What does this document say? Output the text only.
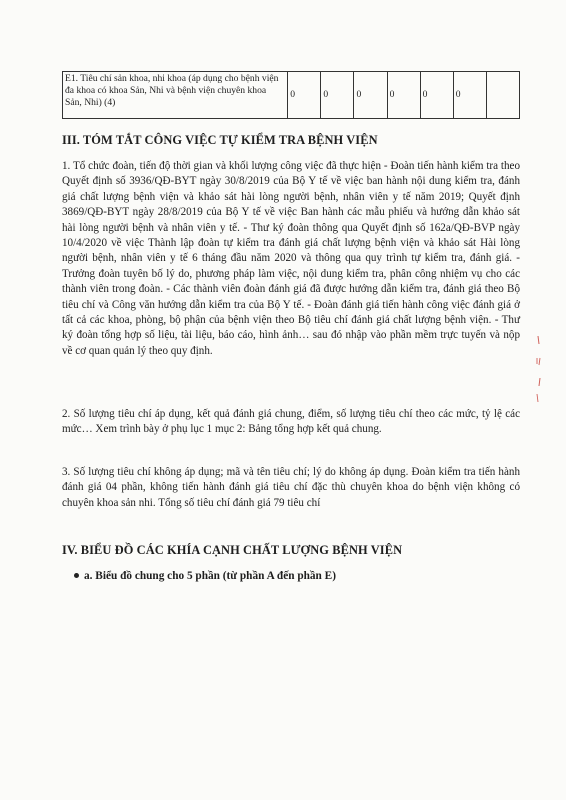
E1. Tiêu chí sản khoa, nhi khoa (áp dụng cho bệnh viện đa khoa có khoa Sản, Nhi và bệnh viện chuyên khoa Sản, Nhi) (4)	0	0	0	0	0	0	
III. TÓM TẮT CÔNG VIỆC TỰ KIỂM TRA BỆNH VIỆN
1. Tổ chức đoàn, tiến độ thời gian và khối lượng công việc đã thực hiện - Đoàn tiến hành kiểm tra theo Quyết định số 3936/QĐ-BYT ngày 30/8/2019 của Bộ Y tế về việc ban hành nội dung kiểm tra, đánh giá chất lượng bệnh viện và khảo sát hài lòng người bệnh, nhân viên y tế năm 2019; Quyết định 3869/QĐ-BYT ngày 28/8/2019 của Bộ Y tế về việc Ban hành các mẫu phiếu và hướng dẫn khảo sát hài lòng người bệnh và nhân viên y tế. - Thư ký đoàn thông qua Quyết định số 162a/QĐ-BVP ngày 10/4/2020 về việc Thành lập đoàn tự kiểm tra đánh giá chất lượng bệnh viện và khảo sát Hài lòng người bệnh, nhân viên y tế 6 tháng đầu năm 2020 và thông qua quy trình tự kiểm tra, đánh giá. - Trưởng đoàn tuyên bố lý do, phương pháp làm việc, nội dung kiểm tra, phân công nhiệm vụ cho các thành viên trong đoàn. - Các thành viên đoàn đánh giá đã được hướng dẫn kiểm tra, đánh giá theo Bộ tiêu chí và Công văn hướng dẫn kiểm tra của Bộ Y tế. - Đoàn đánh giá tiến hành công việc đánh giá ở tất cả các khoa, phòng, bộ phận của bệnh viện theo Bộ tiêu chí đánh giá chất lượng bệnh viện. - Thư ký đoàn tổng hợp số liệu, tài liệu, báo cáo, hình ảnh… sau đó nhập vào phần mềm trực tuyến và nộp về cơ quan quản lý theo quy định.
2. Số lượng tiêu chí áp dụng, kết quả đánh giá chung, điểm, số lượng tiêu chí theo các mức, tỷ lệ các mức… Xem trình bày ở phụ lục 1 mục 2: Bảng tổng hợp kết quả chung.
3. Số lượng tiêu chí không áp dụng; mã và tên tiêu chí; lý do không áp dụng. Đoàn kiểm tra tiến hành đánh giá 04 phần, không tiến hành đánh giá tiêu chí đặc thù chuyên khoa do bệnh viện không có chuyên khoa sản nhi. Tổng số tiêu chí đánh giá 79 tiêu chí
IV. BIỂU ĐỒ CÁC KHÍA CẠNH CHẤT LƯỢNG BỆNH VIỆN
a. Biểu đồ chung cho 5 phần (từ phần A đến phần E)
